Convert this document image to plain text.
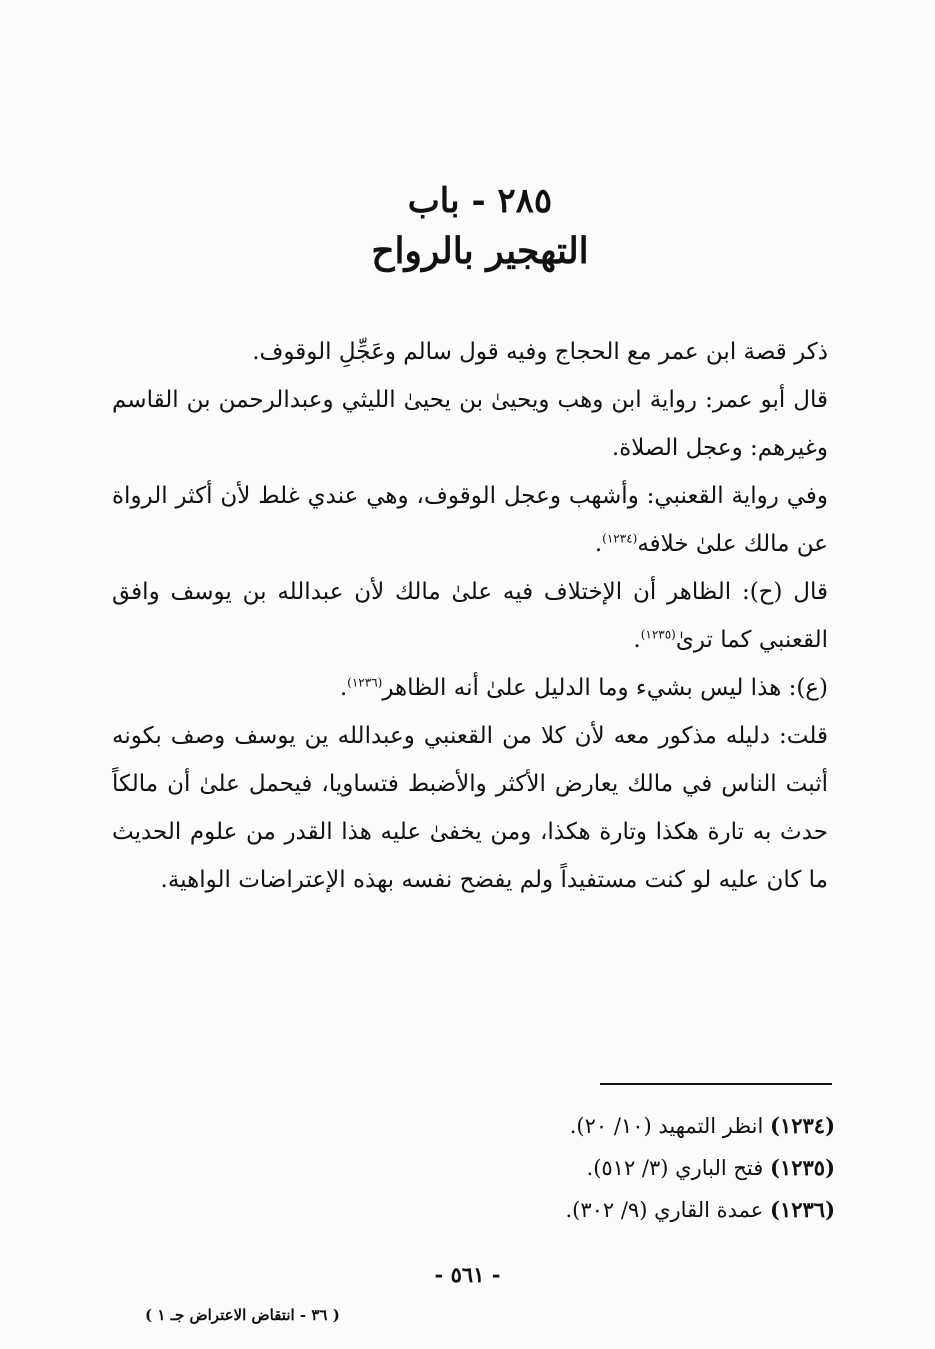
٢٨٥ - باب
التهجير بالرواح

ذكر قصة ابن عمر مع الحجاج وفيه قول سالم وعَجِّلِ الوقوف.

قال أبو عمر: رواية ابن وهب ويحيىٰ بن يحيىٰ الليثي وعبدالرحمن بن القاسم وغيرهم: وعجل الصلاة.

وفي رواية القعنبي: وأشهب وعجل الوقوف، وهي عندي غلط لأن أكثر الرواة عن مالك علىٰ خلافه$^{(١٢٣٤)}$.

قال (ح): الظاهر أن الإختلاف فيه علىٰ مالك لأن عبدالله بن يوسف وافق القعنبي كما ترىٰ$^{(١٢٣٥)}$.

(ع): هذا ليس بشيء وما الدليل علىٰ أنه الظاهر$^{(١٢٣٦)}$.

قلت: دليله مذكور معه لأن كلا من القعنبي وعبدالله ين يوسف وصف بكونه أثبت الناس في مالك يعارض الأكثر والأضبط فتساويا، فيحمل علىٰ أن مالكاً حدث به تارة هكذا وتارة هكذا، ومن يخفىٰ عليه هذا القدر من علوم الحديث ما كان عليه لو كنت مستفيداً ولم يفضح نفسه بهذه الإعتراضات الواهية.

(١٢٣٤) انظر التمهيد (١٠/ ٢٠).

(١٢٣٥) فتح الباري (٣/ ٥١٢).

(١٢٣٦) عمدة القاري (٩/ ٣٠٢).

- ٥٦١ -
( ٣٦ - انتقاض الاعتراض جـ ١ )
